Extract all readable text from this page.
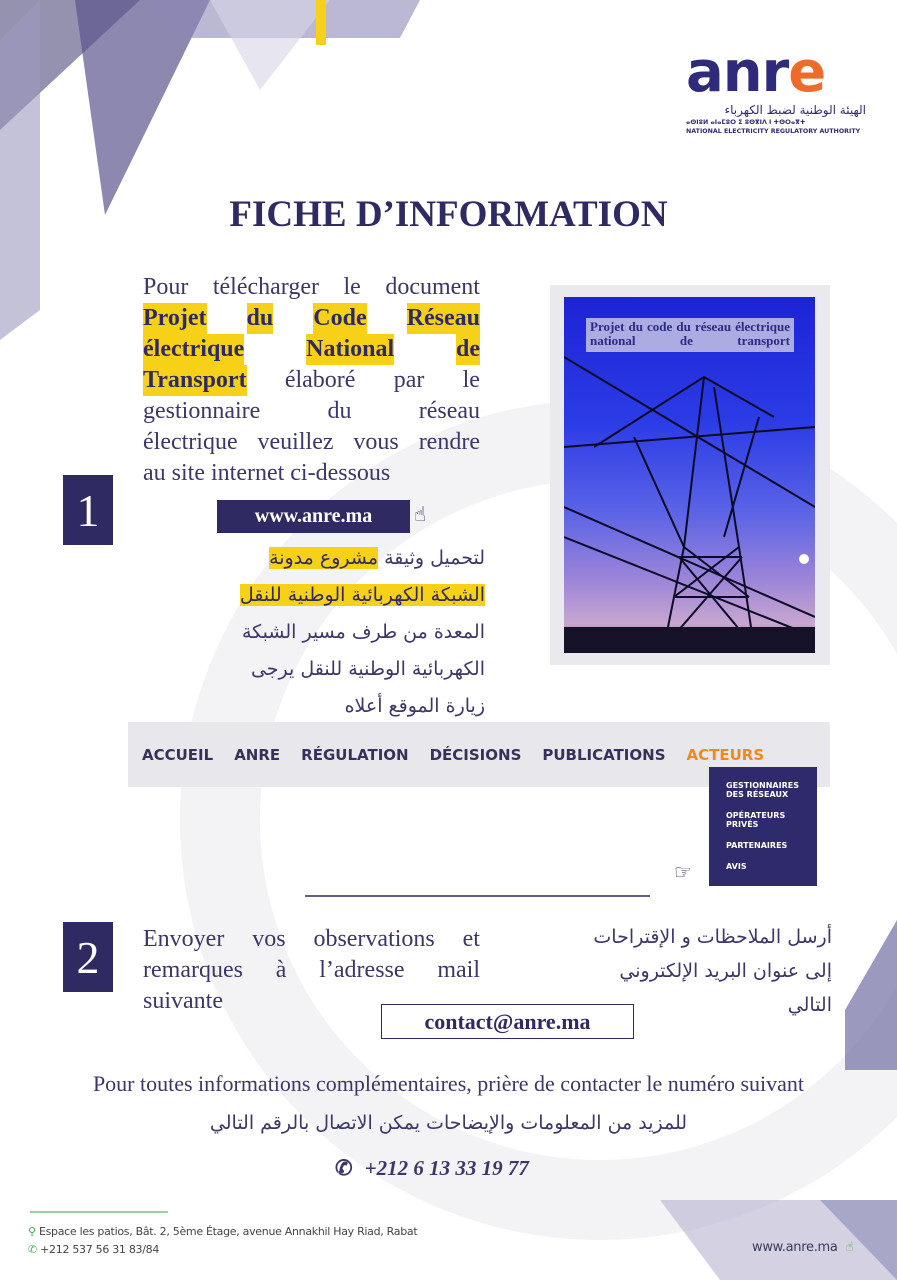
anre
الهيئة الوطنية لضبط الكهرباء
ⴰⵙⵏⵓⵍ ⴰⵏⴰⵎⵓⵔ ⵉ ⵓⵙⴳⵏⴷ ⵏ ⵜⵙⵔⴰⴳⵜ
NATIONAL ELECTRICITY REGULATORY AUTHORITY
FICHE D’INFORMATION
Pour télécharger le document
Projet du Code Réseau
électrique	National	de
Transport élaboré par le
gestionnaire	du	réseau
électrique veuillez vous rendre
au site internet ci-dessous
1	www.anre.ma	☝
لتحميل وثيقة مشروع مدونة
الشبكة الكهربائية الوطنية للنقل
المعدة من طرف مسير الشبكة
الكهربائية الوطنية للنقل يرجى
زيارة الموقع أعلاه
Projet du code du réseau électrique national de transport
ACCUEIL ANRE RÉGULATION DÉCISIONS PUBLICATIONS ACTEURS
GESTIONNAIRES DES RÉSEAUX
OPÉRATEURS PRIVÉS
PARTENAIRES
AVIS
☞
2	Envoyer vos observations et
remarques à l’adresse mail
suivante
أرسل الملاحظات و الإقتراحات
إلى عنوان البريد الإلكتروني
التالي
contact@anre.ma
Pour toutes informations complémentaires, prière de contacter le numéro suivant
للمزيد من المعلومات والإيضاحات يمكن الاتصال بالرقم التالي
✆ +212 6 13 33 19 77
⚲ Espace les patios, Bât. 2, 5ème Étage, avenue Annakhil Hay Riad, Rabat
✆ +212 537 56 31 83/84	www.anre.ma ☝
